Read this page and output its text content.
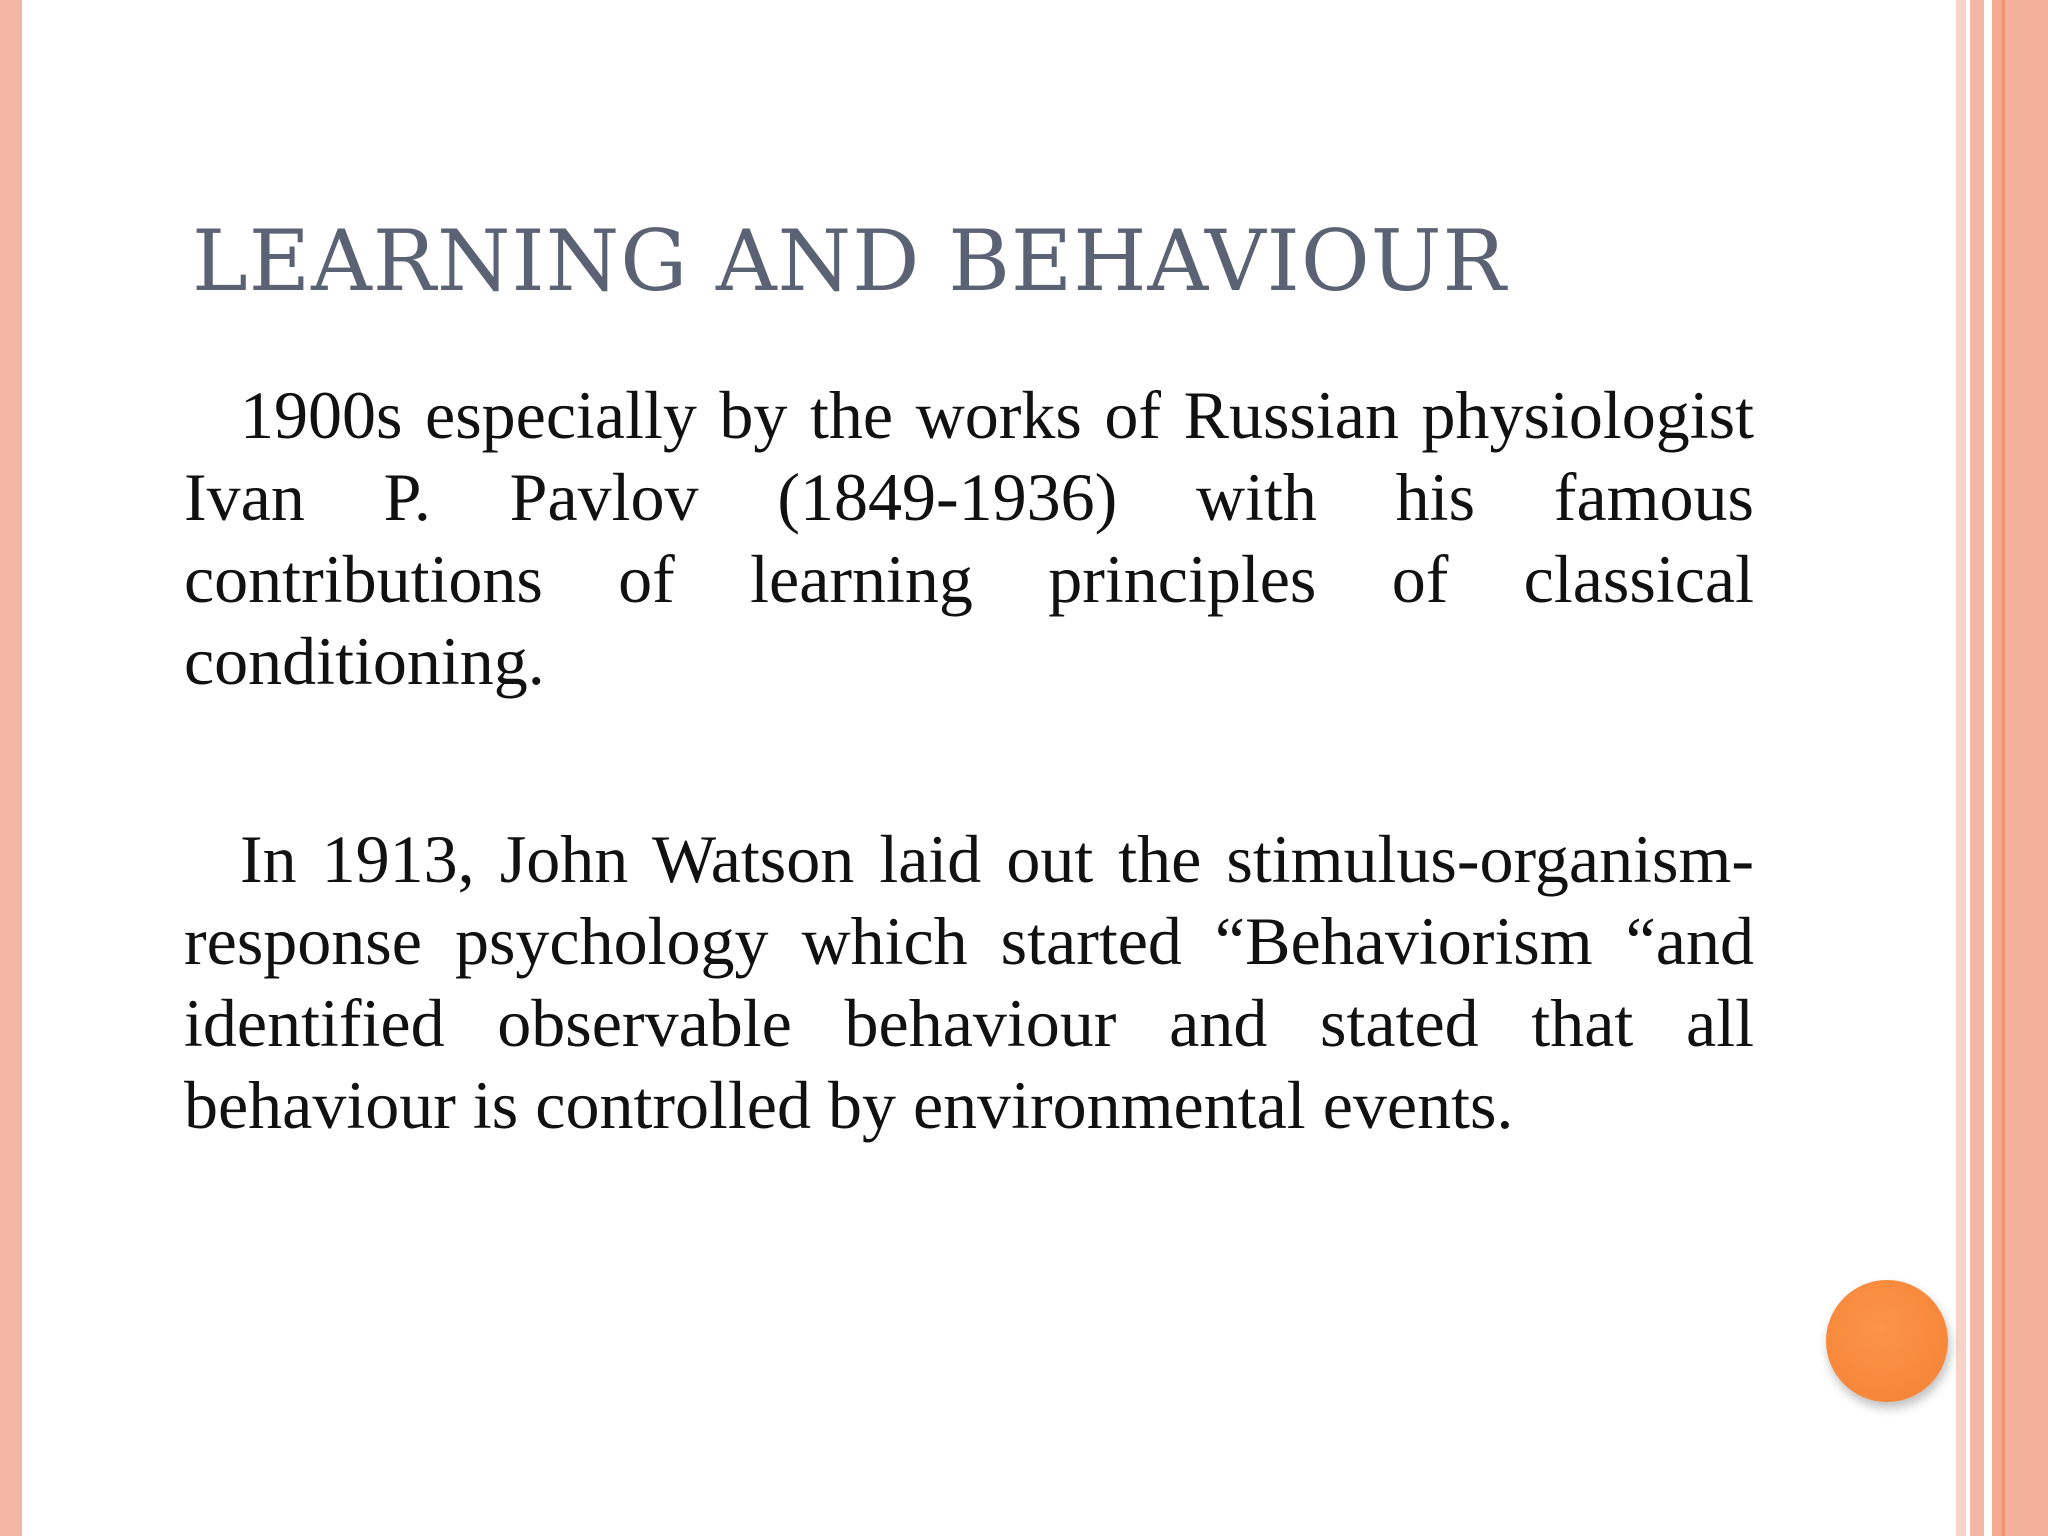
LEARNING AND BEHAVIOUR

1900s especially by the works of Russian physiologist Ivan P. Pavlov (1849-1936) with his famous contributions of learning principles of classical conditioning.

In 1913, John Watson laid out the stimulus-organism-response psychology which started “Behaviorism “and identified observable behaviour and stated that all behaviour is controlled by environmental events.
